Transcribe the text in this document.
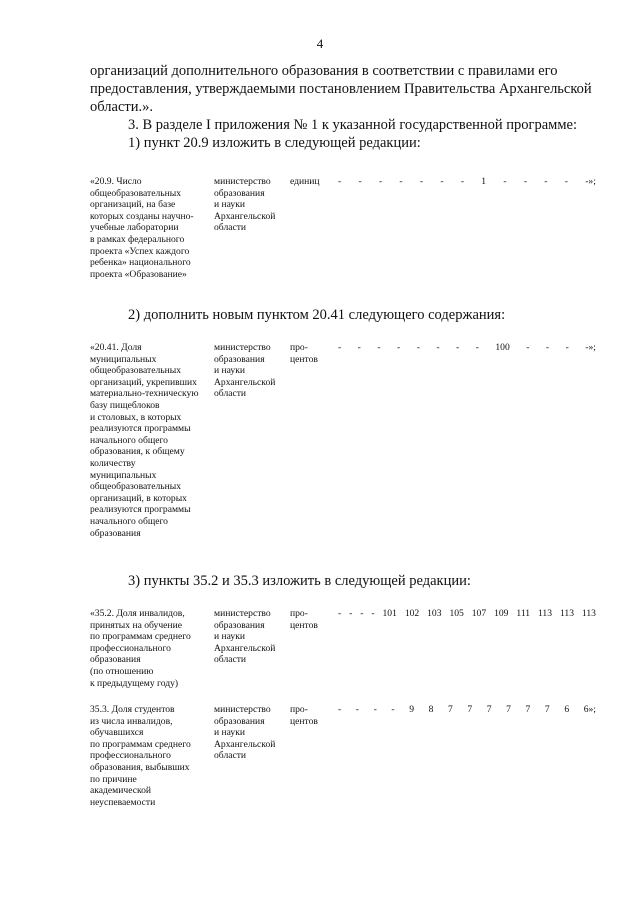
4
организаций дополнительного образования в соответствии с правилами его
предоставления, утверждаемыми постановлением Правительства Архангельской
области.».
3. В разделе I приложения № 1 к указанной государственной программе:
1) пункт 20.9 изложить в следующей редакции:
«20.9. Число
общеобразовательных
организаций, на базе
которых созданы научно-
учебные лаборатории
в рамках федерального
проекта «Успех каждого
ребенка» национального
проекта «Образование»
министерство
образования
и науки
Архангельской
области
единиц - - - - - - - 1 - - - - -»;
2) дополнить новым пунктом 20.41 следующего содержания:
«20.41. Доля
муниципальных
общеобразовательных
организаций, укрепивших
материально-техническую
базу пищеблоков
и столовых, в которых
реализуются программы
начального общего
образования, к общему
количеству
муниципальных
общеобразовательных
организаций, в которых
реализуются программы
начального общего
образования
министерство
образования
и науки
Архангельской
области
про-
центов
- - - - - - - - 100 - - - -»;
3) пункты 35.2 и 35.3 изложить в следующей редакции:
«35.2. Доля инвалидов,
принятых на обучение
по программам среднего
профессионального
образования
(по отношению
к предыдущему году)
министерство
образования
и науки
Архангельской
области
про-
центов
- - - - 101 102 103 105 107 109 111 113 113 113
35.3. Доля студентов
из числа инвалидов,
обучавшихся
по программам среднего
профессионального
образования, выбывших
по причине
академической
неуспеваемости
министерство
образования
и науки
Архангельской
области
про-
центов
- - - - 9 8 7 7 7 7 7 7 6 6»;
